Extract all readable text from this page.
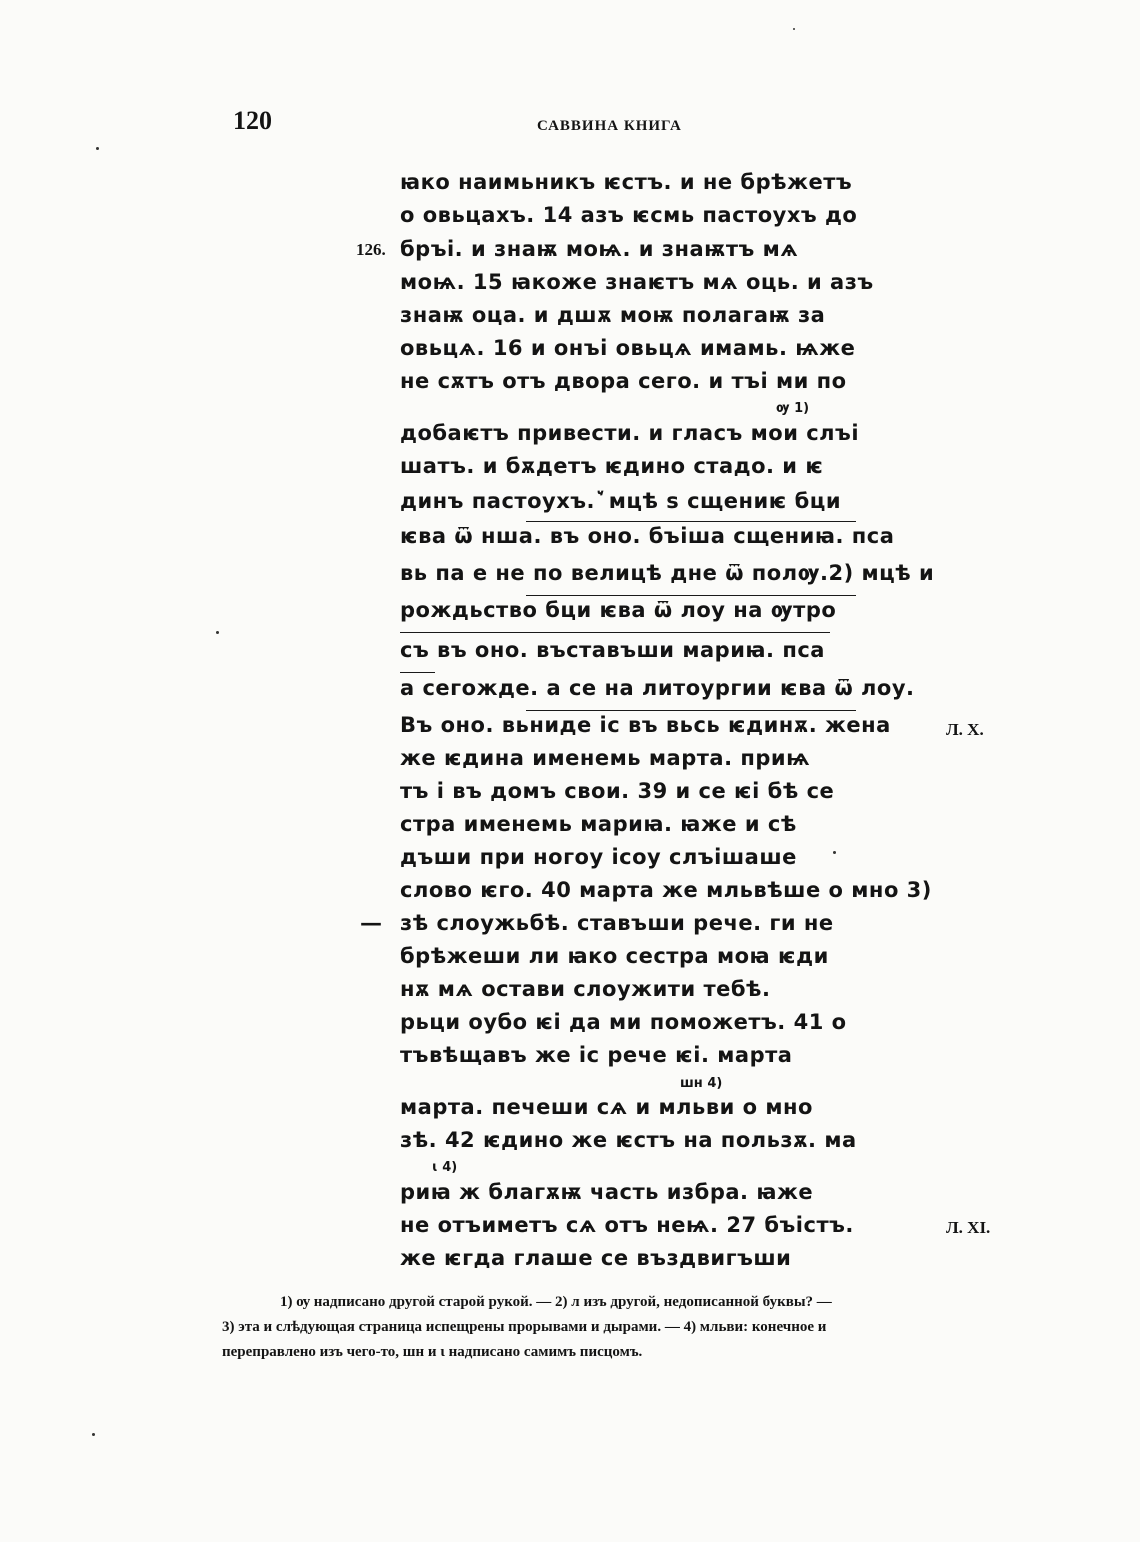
120	САВВИНА КНИГА
ꙗко наимьникъ ѥстъ. и не брѣжетъ
о овьцахъ. 14 азъ ѥсмь пастоухъ до
126. бръі. и знаѭ моѩ. и знаѭтъ мѧ
моѩ. 15 ꙗкоже знаѥтъ мѧ оць. и азъ
знаѭ оца. и дшѫ моѭ полагаѭ за
овьцѧ. 16 и онъі овьцѧ имамь. ѩже
не сѫтъ отъ двора сего. и тъі ми по
ѹ 1)
добаѥтъ привести. и гласъ мои слъі
шатъ. и бѫдетъ ѥдино стадо. и ѥ
динъ пастоухъ. ꙽ мцѣ ѕ сщениѥ бци
ѥва ѿ нша. въ оно. бъіша сщениꙗ. пса
вь па е не по велицѣ дне ѿ полѹ.2) мцѣ и
рождьство бци ѥва ѿ лоу на ѹтро
съ въ оно. въставъши мариꙗ. пса
а сегожде. а се на литоургии ѥва ѿ лоу.
Въ оно. вьниде ic въ вьсь ѥдинѫ. жена	Л. X.
же ѥдина именемь марта. приѩ
тъ і въ домъ свои. 39 и се ѥі бѣ се
стра именемь мариꙗ. ꙗже и сѣ
дъши при ногоу icоу слъішаше
слово ѥго. 40 марта же мльвѣше о мно 3)
— зѣ слоужьбѣ. ставъши рече. ги не
брѣжеши ли ꙗко сестра моꙗ ѥди
нѫ мѧ остави слоужити тебѣ.
рьци оубо ѥі да ми поможетъ. 41 о
тъвѣщавъ же ic рече ѥі. марта
шн 4)
марта. печеши сѧ и мльви о мно
зѣ. 42 ѥдино же ѥстъ на пользѫ. ма
ɩ 4)
риꙗ ж благѫѭ часть избра. ꙗже
не отъиметъ сѧ отъ неѩ. 27 бъістъ.	Л. XI.
же ѥгда глаше се въздвигъши

1) ѹ надписано другой старой рукой. — 2) л изъ другой, недописанной буквы? —

3) эта и слѣдующая страница испещрены прорывами и дырами. — 4) мльви: конечное и

переправлено изъ чего-то, шн и ɩ надписано самимъ писцомъ.
